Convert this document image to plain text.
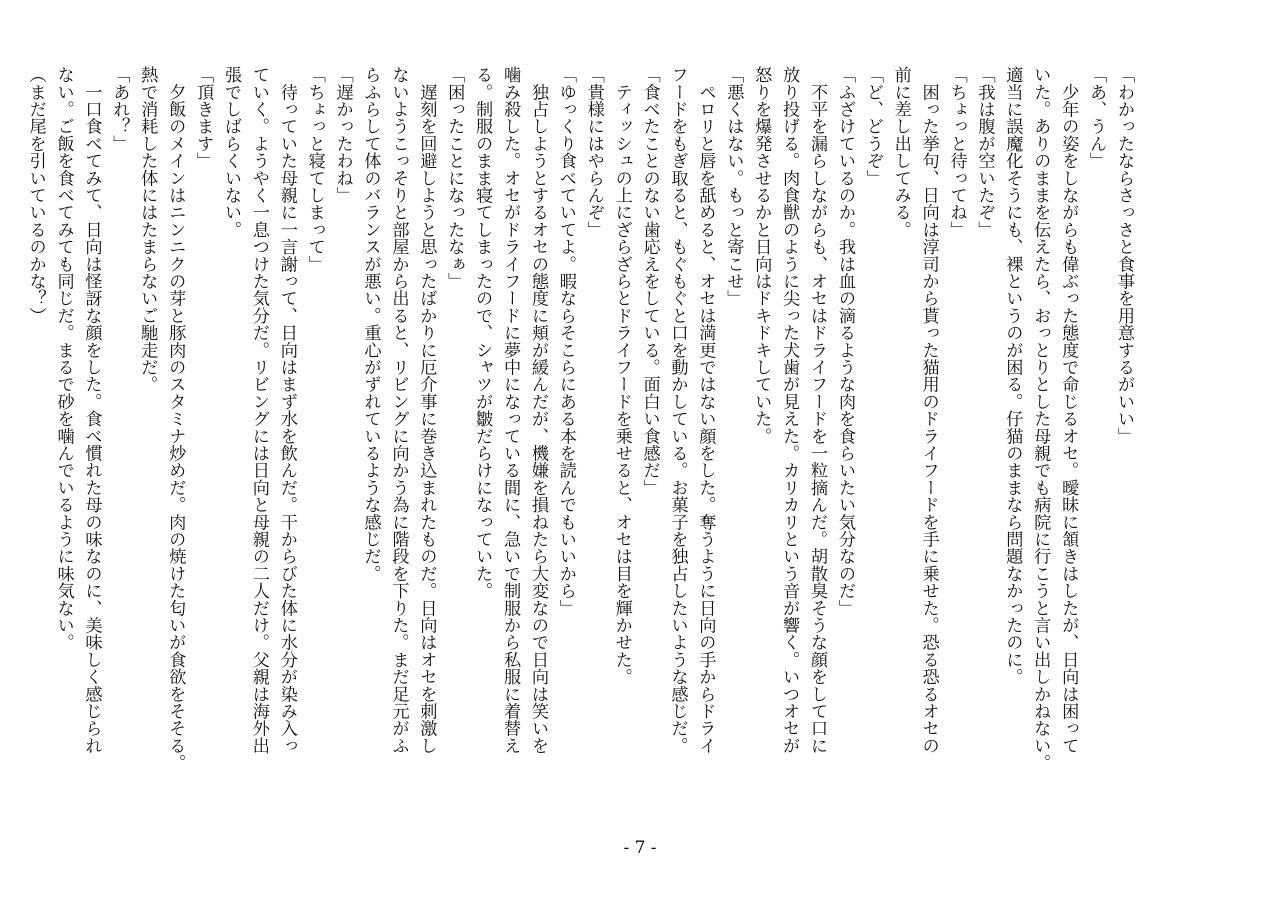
「わかったならさっさと食事を用意するがいい」
「あ、うん」
　少年の姿をしながらも偉ぶった態度で命じるオセ。曖昧に頷きはしたが、日向は困って
いた。ありのままを伝えたら、おっとりとした母親でも病院に行こうと言い出しかねない。
適当に誤魔化そうにも、裸というのが困る。仔猫のままなら問題なかったのに。
「我は腹が空いたぞ」
「ちょっと待ってね」
　困った挙句、日向は淳司から貰った猫用のドライフードを手に乗せた。恐る恐るオセの
前に差し出してみる。
「ど、どうぞ」
「ふざけているのか。我は血の滴るような肉を食らいたい気分なのだ」
　不平を漏らしながらも、オセはドライフードを一粒摘んだ。胡散臭そうな顔をして口に
放り投げる。肉食獣のように尖った犬歯が見えた。カリカリという音が響く。いつオセが
怒りを爆発させるかと日向はドキドキしていた。
「悪くはない。もっと寄こせ」
　ペロリと唇を舐めると、オセは満更ではない顔をした。奪うように日向の手からドライ
フードをもぎ取ると、もぐもぐと口を動かしている。お菓子を独占したいような感じだ。
「食べたことのない歯応えをしている。面白い食感だ」
　ティッシュの上にざらざらとドライフードを乗せると、オセは目を輝かせた。
「貴様にはやらんぞ」
「ゆっくり食べていてよ。暇ならそこらにある本を読んでもいいから」
　独占しようとするオセの態度に頬が緩んだが、機嫌を損ねたら大変なので日向は笑いを
噛み殺した。オセがドライフードに夢中になっている間に、急いで制服から私服に着替え
る。制服のまま寝てしまったので、シャツが皺だらけになっていた。
「困ったことになったなぁ」
　遅刻を回避しようと思ったばかりに厄介事に巻き込まれたものだ。日向はオセを刺激し
ないようこっそりと部屋から出ると、リビングに向かう為に階段を下りた。まだ足元がふ
らふらして体のバランスが悪い。重心がずれているような感じだ。
「遅かったわね」
「ちょっと寝てしまって」
　待っていた母親に一言謝って、日向はまず水を飲んだ。干からびた体に水分が染み入っ
ていく。ようやく一息つけた気分だ。リビングには日向と母親の二人だけ。父親は海外出
張でしばらくいない。
「頂きます」
　夕飯のメインはニンニクの芽と豚肉のスタミナ炒めだ。肉の焼けた匂いが食欲をそそる。
熱で消耗した体にはたまらないご馳走だ。
「あれ？」
　一口食べてみて、日向は怪訝な顔をした。食べ慣れた母の味なのに、美味しく感じられ
ない。ご飯を食べてみても同じだ。まるで砂を噛んでいるように味気ない。
（まだ尾を引いているのかな？）
- 7 -
